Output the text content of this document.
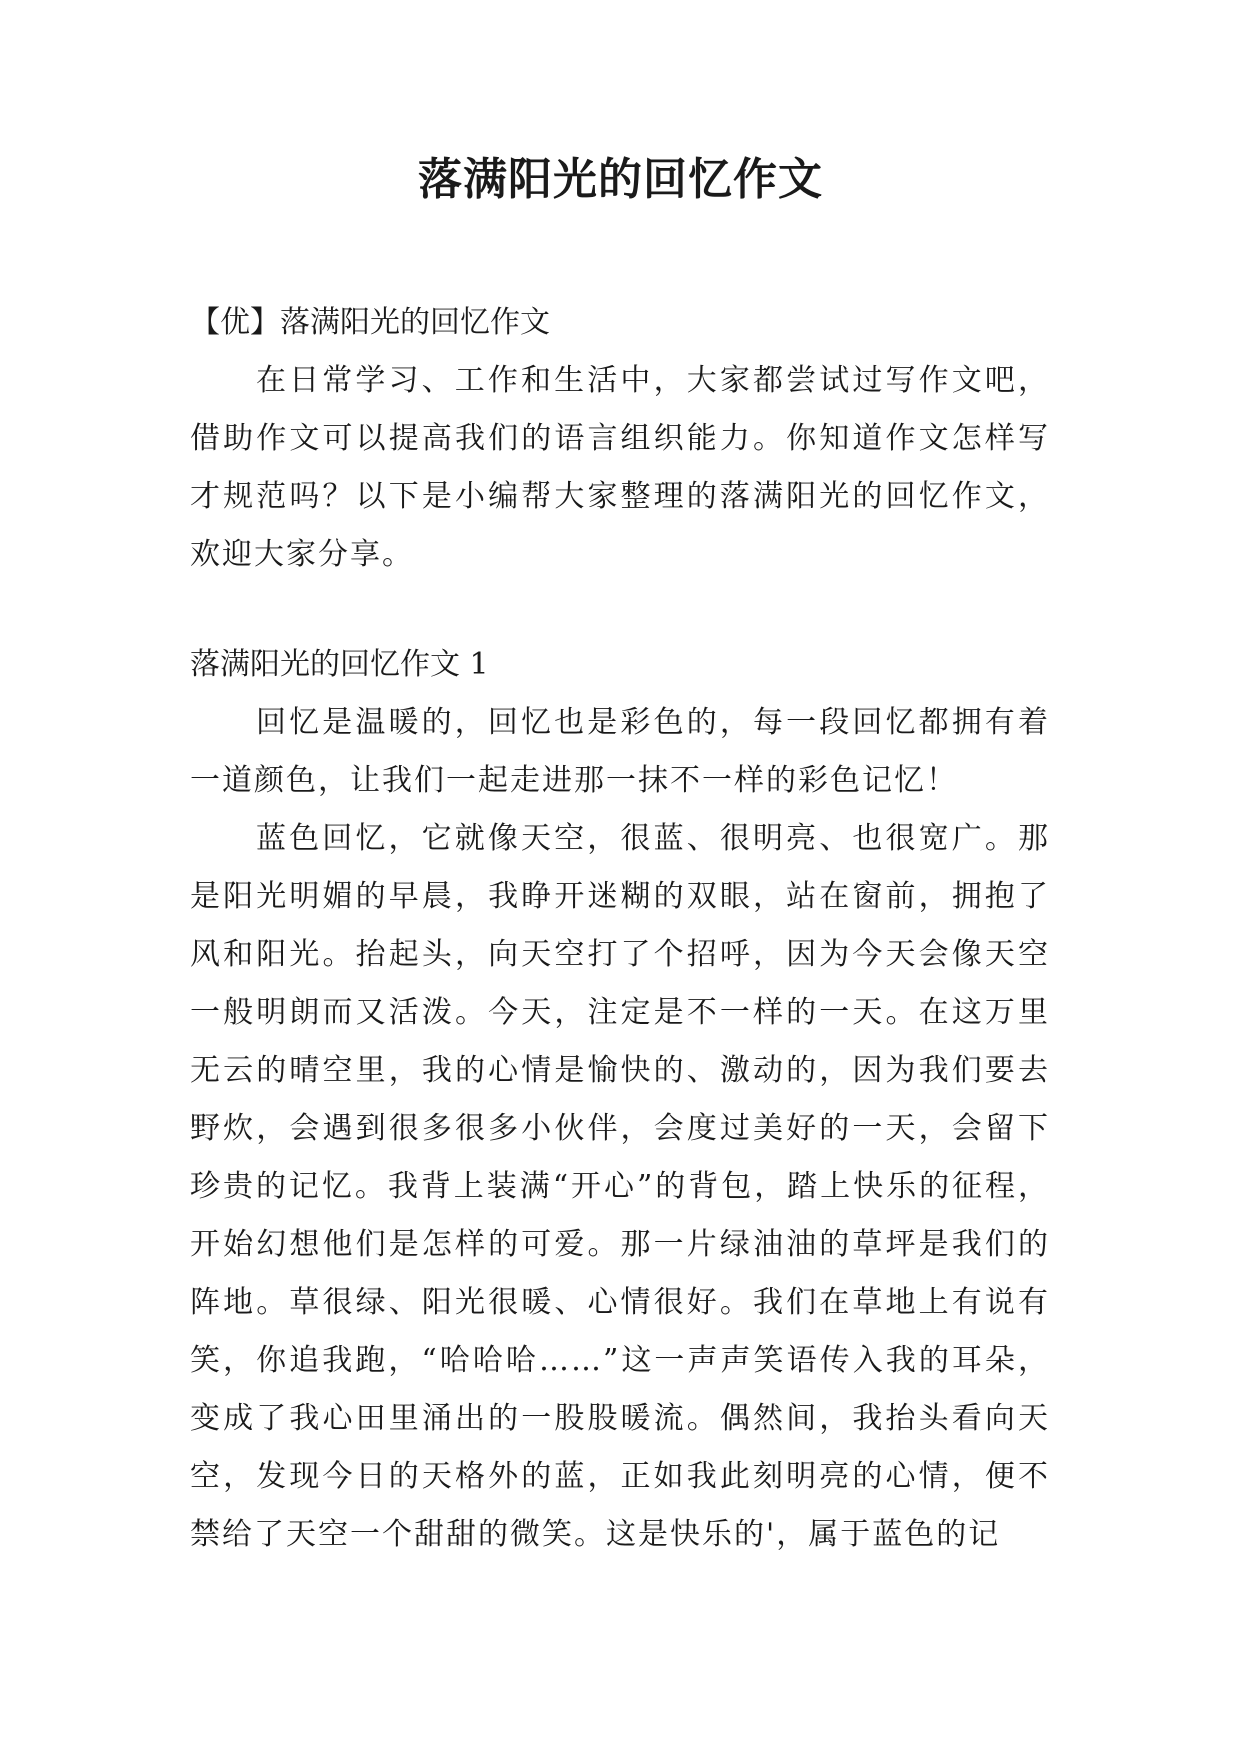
落满阳光的回忆作文

【优】落满阳光的回忆作文

在日常学习、工作和生活中，大家都尝试过写作文吧，借助作文可以提高我们的语言组织能力。你知道作文怎样写才规范吗？以下是小编帮大家整理的落满阳光的回忆作文，欢迎大家分享。

落满阳光的回忆作文 1

回忆是温暖的，回忆也是彩色的，每一段回忆都拥有着一道颜色，让我们一起走进那一抹不一样的彩色记忆！

蓝色回忆，它就像天空，很蓝、很明亮、也很宽广。那是阳光明媚的早晨，我睁开迷糊的双眼，站在窗前，拥抱了风和阳光。抬起头，向天空打了个招呼，因为今天会像天空一般明朗而又活泼。今天，注定是不一样的一天。在这万里无云的晴空里，我的心情是愉快的、激动的，因为我们要去野炊，会遇到很多很多小伙伴，会度过美好的一天，会留下珍贵的记忆。我背上装满“开心”的背包，踏上快乐的征程，开始幻想他们是怎样的可爱。那一片绿油油的草坪是我们的阵地。草很绿、阳光很暖、心情很好。我们在草地上有说有笑，你追我跑，“哈哈哈……”这一声声笑语传入我的耳朵，变成了我心田里涌出的一股股暖流。偶然间，我抬头看向天空，发现今日的天格外的蓝，正如我此刻明亮的心情，便不禁给了天空一个甜甜的微笑。这是快乐的'，属于蓝色的记
